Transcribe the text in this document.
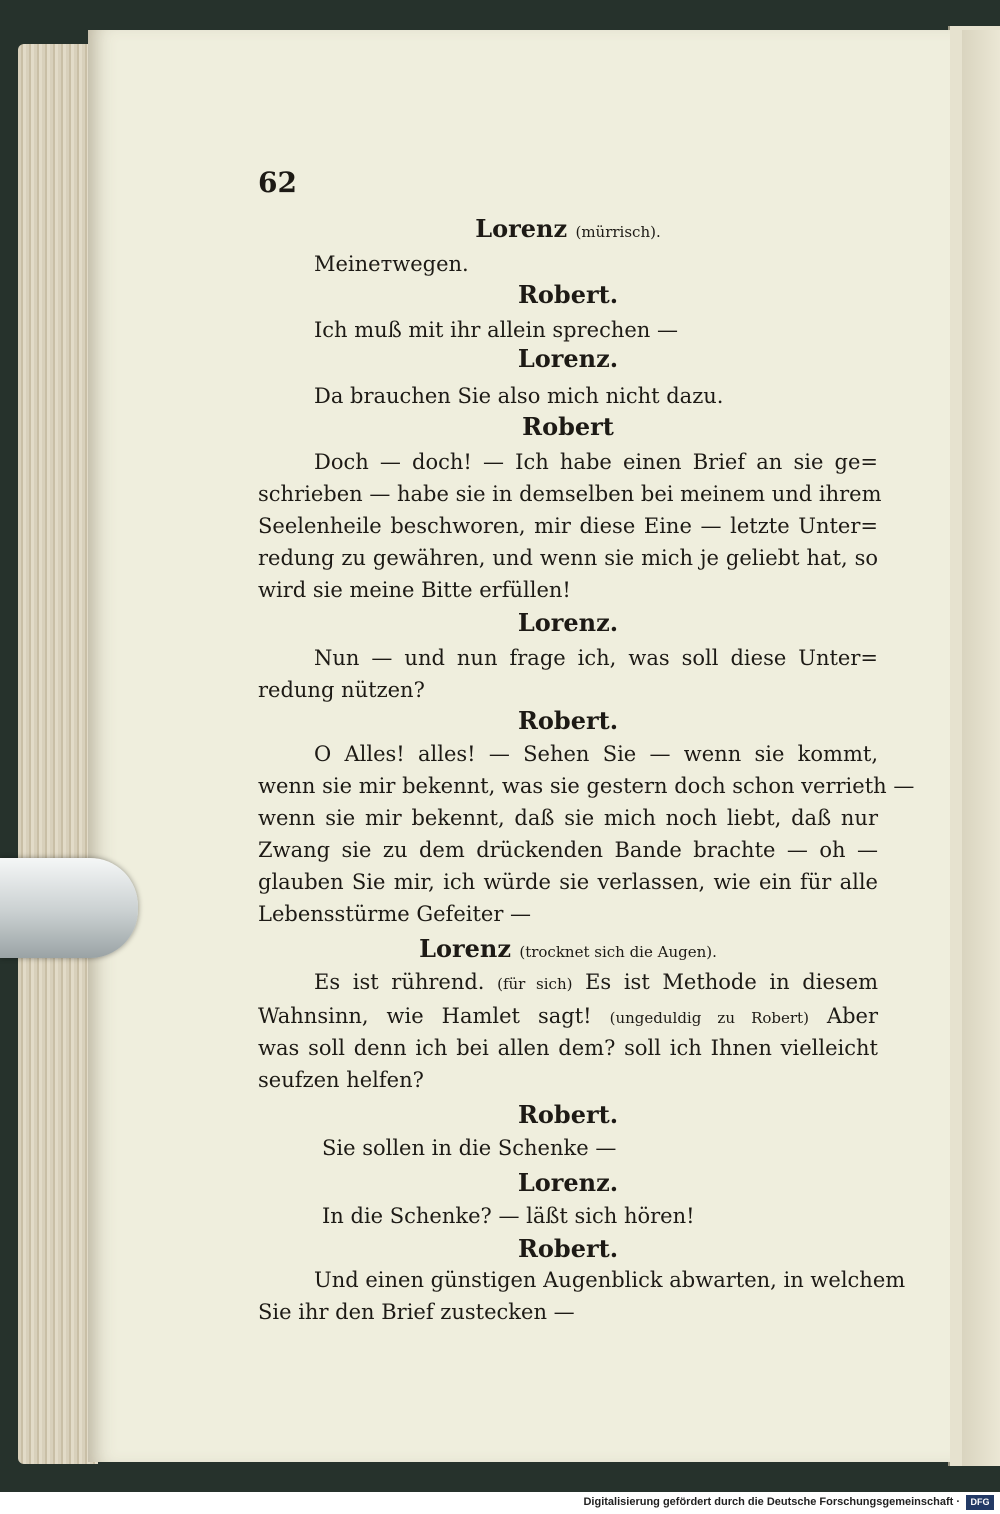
62
Lorenz (mürrisch).
Meineтwegen.
Robert.
Ich muß mit ihr allein sprechen —
Lorenz.
Da brauchen Sie also mich nicht dazu.
Robert
Doch — doch! — Ich habe einen Brief an sie ge=
schrieben — habe sie in demselben bei meinem und ihrem
Seelenheile beschworen, mir diese Eine — letzte Unter=
redung zu gewähren, und wenn sie mich je geliebt hat, so
wird sie meine Bitte erfüllen!
Lorenz.
Nun — und nun frage ich, was soll diese Unter=
redung nützen?
Robert.
O Alles! alles! — Sehen Sie — wenn sie kommt,
wenn sie mir bekennt, was sie gestern doch schon verrieth —
wenn sie mir bekennt, daß sie mich noch liebt, daß nur
Zwang sie zu dem drückenden Bande brachte — oh —
glauben Sie mir, ich würde sie verlassen, wie ein für alle
Lebensstürme Gefeiter —
Lorenz (trocknet sich die Augen).
Es ist rührend. (für sich) Es ist Methode in diesem
Wahnsinn, wie Hamlet sagt! (ungeduldig zu Robert) Aber
was soll denn ich bei allen dem? soll ich Ihnen vielleicht
seufzen helfen?
Robert.
Sie sollen in die Schenke —
Lorenz.
In die Schenke? — läßt sich hören!
Robert.
Und einen günstigen Augenblick abwarten, in welchem
Sie ihr den Brief zustecken —
Digitalisierung gefördert durch die Deutsche Forschungsgemeinschaft ·	DFG
